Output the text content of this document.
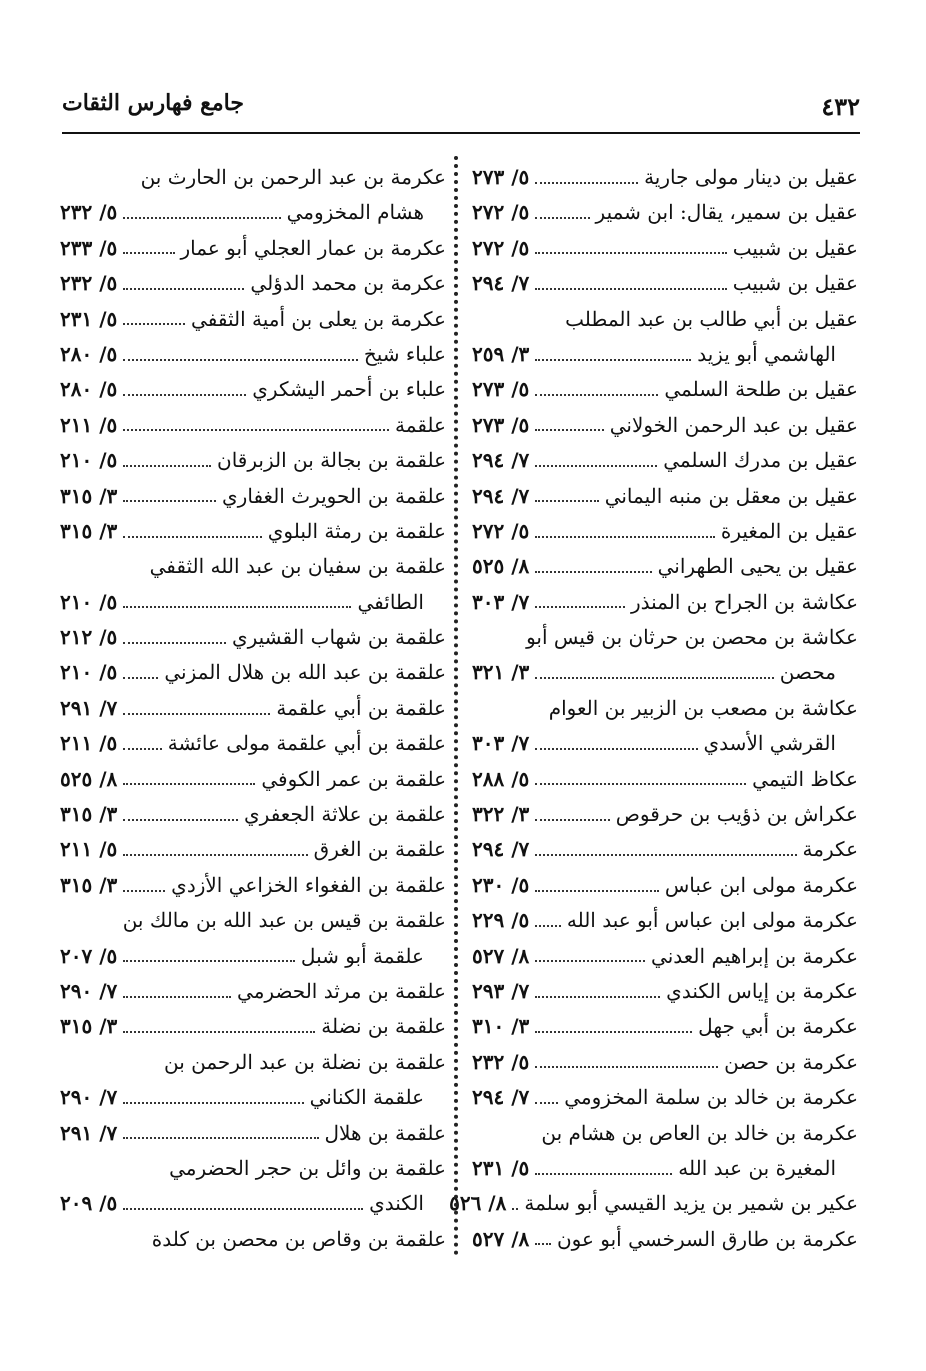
٤٣٢
جامع فهارس الثقات
عقيل بن دينار مولى جارية
٥/ ٢٧٣
عقيل بن سمير، يقال: ابن شمير
٥/ ٢٧٢
عقيل بن شبيب
٥/ ٢٧٢
عقيل بن شبيب
٧/ ٢٩٤
عقيل بن أبي طالب بن عبد المطلب
الهاشمي أبو يزيد
٣/ ٢٥٩
عقيل بن طلحة السلمي
٥/ ٢٧٣
عقيل بن عبد الرحمن الخولاني
٥/ ٢٧٣
عقيل بن مدرك السلمي
٧/ ٢٩٤
عقيل بن معقل بن منبه اليماني
٧/ ٢٩٤
عقيل بن المغيرة
٥/ ٢٧٢
عقيل بن يحيى الطهراني
٨/ ٥٢٥
عكاشة بن الجراح بن المنذر
٧/ ٣٠٣
عكاشة بن محصن بن حرثان بن قيس أبو
محصن
٣/ ٣٢١
عكاشة بن مصعب بن الزبير بن العوام
القرشي الأسدي
٧/ ٣٠٣
عكاظ التيمي
٥/ ٢٨٨
عكراش بن ذؤيب بن حرقوص
٣/ ٣٢٢
عكرمة
٧/ ٢٩٤
عكرمة مولى ابن عباس
٥/ ٢٣٠
عكرمة مولى ابن عباس أبو عبد الله
٥/ ٢٢٩
عكرمة بن إبراهيم العدني
٨/ ٥٢٧
عكرمة بن إياس الكندي
٧/ ٢٩٣
عكرمة بن أبي جهل
٣/ ٣١٠
عكرمة بن حصن
٥/ ٢٣٢
عكرمة بن خالد بن سلمة المخزومي
٧/ ٢٩٤
عكرمة بن خالد بن العاص بن هشام بن
المغيرة بن عبد الله
٥/ ٢٣١
عكير بن شمير بن يزيد القيسي أبو سلمة
٨/ ٥٢٦
عكرمة بن طارق السرخسي أبو عون
٨/ ٥٢٧
عكرمة بن عبد الرحمن بن الحارث بن
هشام المخزومي
٥/ ٢٣٢
عكرمة بن عمار العجلي أبو عمار
٥/ ٢٣٣
عكرمة بن محمد الدؤلي
٥/ ٢٣٢
عكرمة بن يعلى بن أمية الثقفي
٥/ ٢٣١
علباء شيخ
٥/ ٢٨٠
علباء بن أحمر اليشكري
٥/ ٢٨٠
علقمة
٥/ ٢١١
علقمة بن بجالة بن الزبرقان
٥/ ٢١٠
علقمة بن الحويرث الغفاري
٣/ ٣١٥
علقمة بن رمثة البلوي
٣/ ٣١٥
علقمة بن سفيان بن عبد الله الثقفي
الطائفي
٥/ ٢١٠
علقمة بن شهاب القشيري
٥/ ٢١٢
علقمة بن عبد الله بن هلال المزني
٥/ ٢١٠
علقمة بن أبي علقمة
٧/ ٢٩١
علقمة بن أبي علقمة مولى عائشة
٥/ ٢١١
علقمة بن عمر الكوفي
٨/ ٥٢٥
علقمة بن علاثة الجعفري
٣/ ٣١٥
علقمة بن الغرق
٥/ ٢١١
علقمة بن الفغواء الخزاعي الأزدي
٣/ ٣١٥
علقمة بن قيس بن عبد الله بن مالك بن
علقمة أبو شبل
٥/ ٢٠٧
علقمة بن مرثد الحضرمي
٧/ ٢٩٠
علقمة بن نضلة
٣/ ٣١٥
علقمة بن نضلة بن عبد الرحمن بن
علقمة الكناني
٧/ ٢٩٠
علقمة بن هلال
٧/ ٢٩١
علقمة بن وائل بن حجر الحضرمي
الكندي
٥/ ٢٠٩
علقمة بن وقاص بن محصن بن كلدة
